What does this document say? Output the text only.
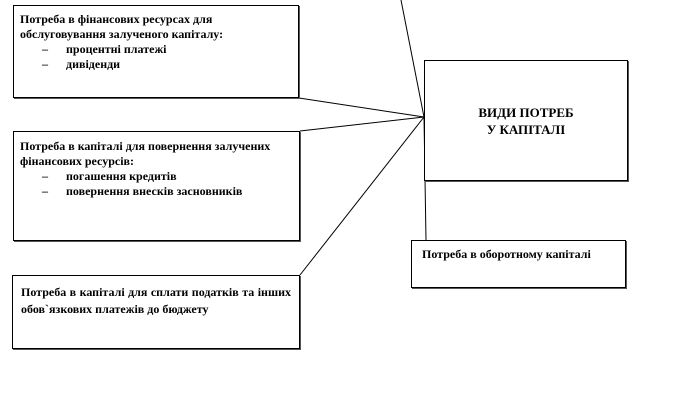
Потреба в фінансових ресурсах для обслуговування залученого капіталу:
– процентні платежі
– дивіденди
Потреба в капіталі для повернення залучених фінансових ресурсів:
– погашення кредитів
– повернення внесків засновників
Потреба в капіталі для сплати податків та інших обов`язкових платежів до бюджету
ВИДИ ПОТРЕБ
У КАПІТАЛІ
Потреба в оборотному капіталі
